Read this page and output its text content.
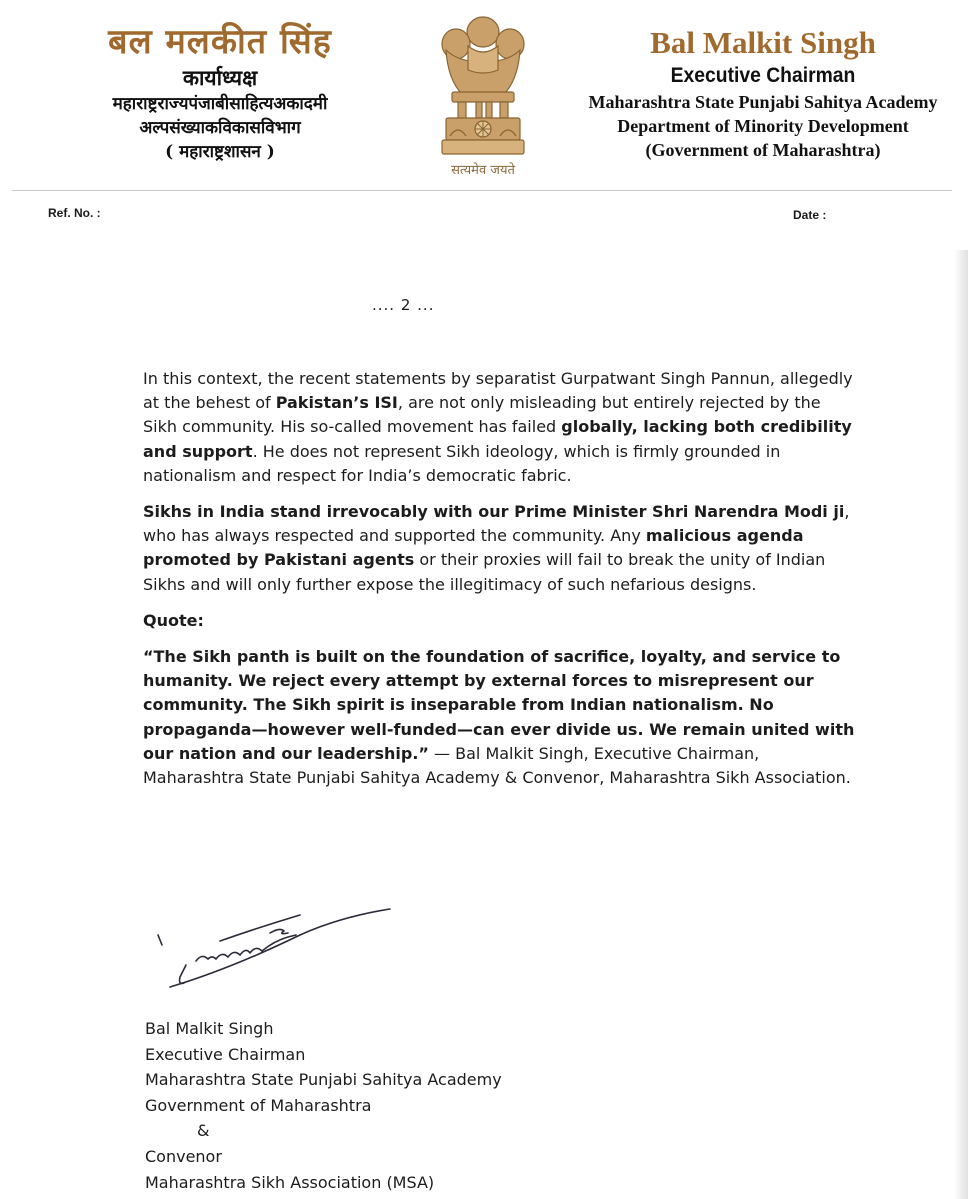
बल मलकीत सिंह
कार्याध्यक्ष
महाराष्ट्रराज्यपंजाबीसाहित्यअकादमी
अल्पसंख्याकविकासविभाग
( महाराष्ट्रशासन )
सत्यमेव जयते
Bal Malkit Singh
Executive Chairman
Maharashtra State Punjabi Sahitya Academy
Department of Minority Development
(Government of Maharashtra)
Ref. No. :	Date :
.... 2 ...

In this context, the recent statements by separatist Gurpatwant Singh Pannun, allegedly at the behest of Pakistan’s ISI, are not only misleading but entirely rejected by the Sikh community. His so-called movement has failed globally, lacking both credibility and support. He does not represent Sikh ideology, which is firmly grounded in nationalism and respect for India’s democratic fabric.

Sikhs in India stand irrevocably with our Prime Minister Shri Narendra Modi ji, who has always respected and supported the community. Any malicious agenda promoted by Pakistani agents or their proxies will fail to break the unity of Indian Sikhs and will only further expose the illegitimacy of such nefarious designs.

Quote:

“The Sikh panth is built on the foundation of sacrifice, loyalty, and service to humanity. We reject every attempt by external forces to misrepresent our community. The Sikh spirit is inseparable from Indian nationalism. No propaganda—however well-funded—can ever divide us. We remain united with our nation and our leadership.” — Bal Malkit Singh, Executive Chairman, Maharashtra State Punjabi Sahitya Academy & Convenor, Maharashtra Sikh Association.

Bal Malkit Singh
Executive Chairman
Maharashtra State Punjabi Sahitya Academy
Government of Maharashtra
&
Convenor
Maharashtra Sikh Association (MSA)
